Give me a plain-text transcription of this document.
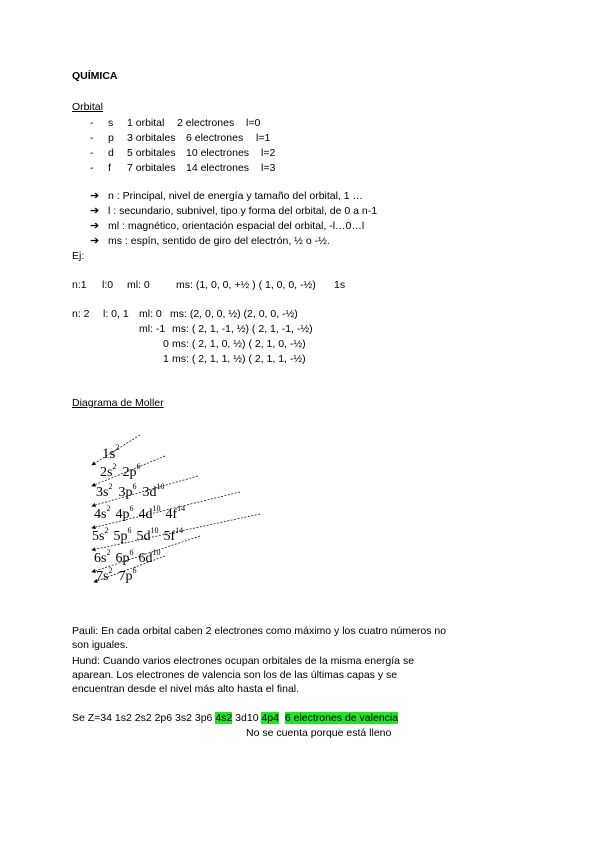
QUÍMICA
Orbital
- s 1 orbital 2 electrones l=0
- p 3 orbitales 6 electrones l=1
- d 5 orbitales 10 electrones l=2
- f 7 orbitales 14 electrones l=3
➔ n : Principal, nivel de energía y tamaño del orbital, 1 …
➔ l : secundario, subnivel, tipo y forma del orbital, de 0 a n-1
➔ ml : magnético, orientación espacial del orbital, -l…0…l
➔ ms : espín, sentido de giro del electrón, ½ o -½.
Ej:
n:1 l:0 ml: 0 ms: (1, 0, 0, +½ ) ( 1, 0, 0, -½) 1s
n: 2 l: 0, 1 ml: 0 ms: (2, 0, 0, ½) (2, 0, 0, -½)
ml: -1 ms: ( 2, 1, -1, ½) ( 2, 1, -1, -½)
0 ms: ( 2, 1, 0, ½) ( 2, 1, 0, -½)
1 ms: ( 2, 1, 1, ½) ( 2, 1, 1, -½)
Diagrama de Moller
$1s^2$
$2s^2$ $2p^6$
$3s^2$ $3p^6$ $3d^{10}$
$4s^2$ $4p^6$ $4d^{10}$ $4f^{14}$
$5s^2$ $5p^6$ $5d^{10}$ $5f^{14}$
$6s^2$ $6p^6$ $6d^{10}$
$7s^2$ $7p^6$
Pauli: En cada orbital caben 2 electrones como máximo y los cuatro números no son iguales.
Hund: Cuando varios electrones ocupan orbitales de la misma energía se aparean. Los electrones de valencia son los de las últimas capas y se encuentran desde el nivel más alto hasta el final.
Se Z=34 1s2 2s2 2p6 3s2 3p6 4s2 3d10 4p4 6 electrones de valencia
No se cuenta porque está lleno
